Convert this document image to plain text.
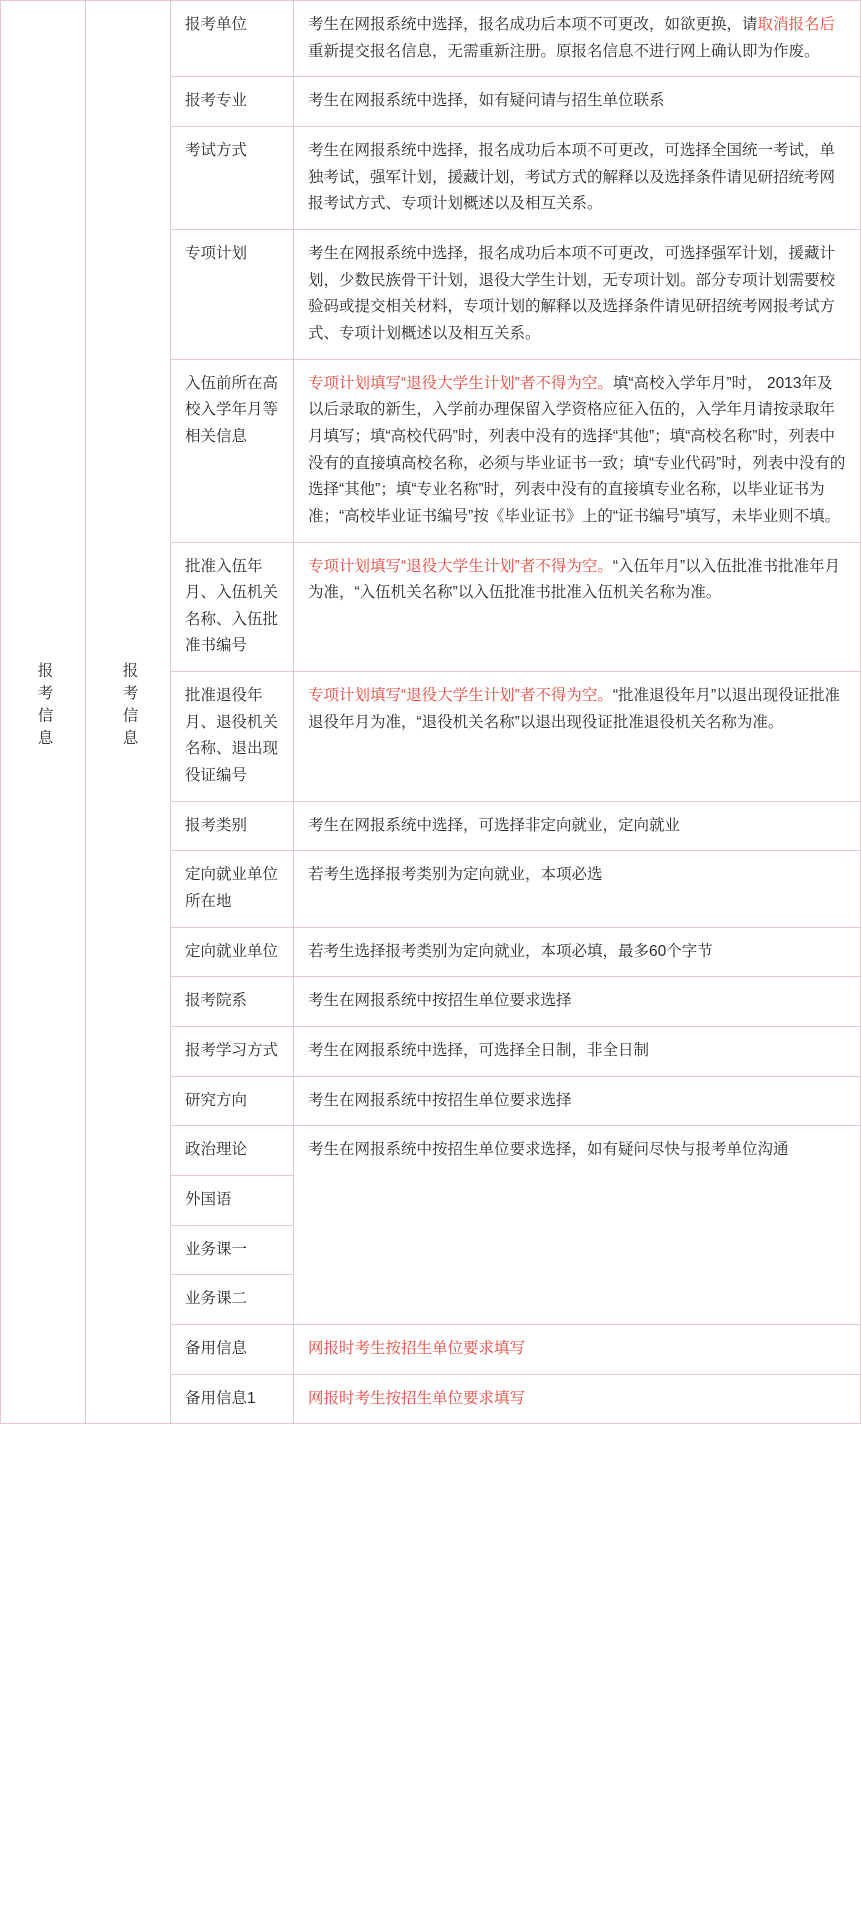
报考信息	报考信息	报考单位	考生在网报系统中选择，报名成功后本项不可更改，如欲更换，请取消报名后重新提交报名信息，无需重新注册。原报名信息不进行网上确认即为作废。
		报考专业	考生在网报系统中选择，如有疑问请与招生单位联系
		考试方式	考生在网报系统中选择，报名成功后本项不可更改，可选择全国统一考试，单独考试，强军计划，援藏计划，考试方式的解释以及选择条件请见研招统考网报考试方式、专项计划概述以及相互关系。
		专项计划	考生在网报系统中选择，报名成功后本项不可更改，可选择强军计划，援藏计划，少数民族骨干计划，退役大学生计划，无专项计划。部分专项计划需要校验码或提交相关材料，专项计划的解释以及选择条件请见研招统考网报考试方式、专项计划概述以及相互关系。
		入伍前所在高校入学年月等相关信息	专项计划填写“退役大学生计划”者不得为空。填“高校入学年月”时， 2013年及以后录取的新生，入学前办理保留入学资格应征入伍的，入学年月请按录取年月填写；填“高校代码”时，列表中没有的选择“其他”；填“高校名称”时，列表中没有的直接填高校名称，必须与毕业证书一致；填“专业代码”时，列表中没有的选择“其他”；填“专业名称”时，列表中没有的直接填专业名称，以毕业证书为准；“高校毕业证书编号”按《毕业证书》上的“证书编号”填写，未毕业则不填。
		批准入伍年月、入伍机关名称、入伍批准书编号	专项计划填写“退役大学生计划”者不得为空。“入伍年月”以入伍批准书批准年月为准，“入伍机关名称”以入伍批准书批准入伍机关名称为准。
		批准退役年月、退役机关名称、退出现役证编号	专项计划填写“退役大学生计划”者不得为空。“批准退役年月”以退出现役证批准退役年月为准，“退役机关名称”以退出现役证批准退役机关名称为准。
		报考类别	考生在网报系统中选择，可选择非定向就业，定向就业
		定向就业单位所在地	若考生选择报考类别为定向就业，本项必选
		定向就业单位	若考生选择报考类别为定向就业，本项必填，最多60个字节
		报考院系	考生在网报系统中按招生单位要求选择
		报考学习方式	考生在网报系统中选择，可选择全日制，非全日制
		研究方向	考生在网报系统中按招生单位要求选择
		政治理论	考生在网报系统中按招生单位要求选择，如有疑问尽快与报考单位沟通
		外国语	
		业务课一	
		业务课二	
		备用信息	网报时考生按招生单位要求填写
		备用信息1	网报时考生按招生单位要求填写
